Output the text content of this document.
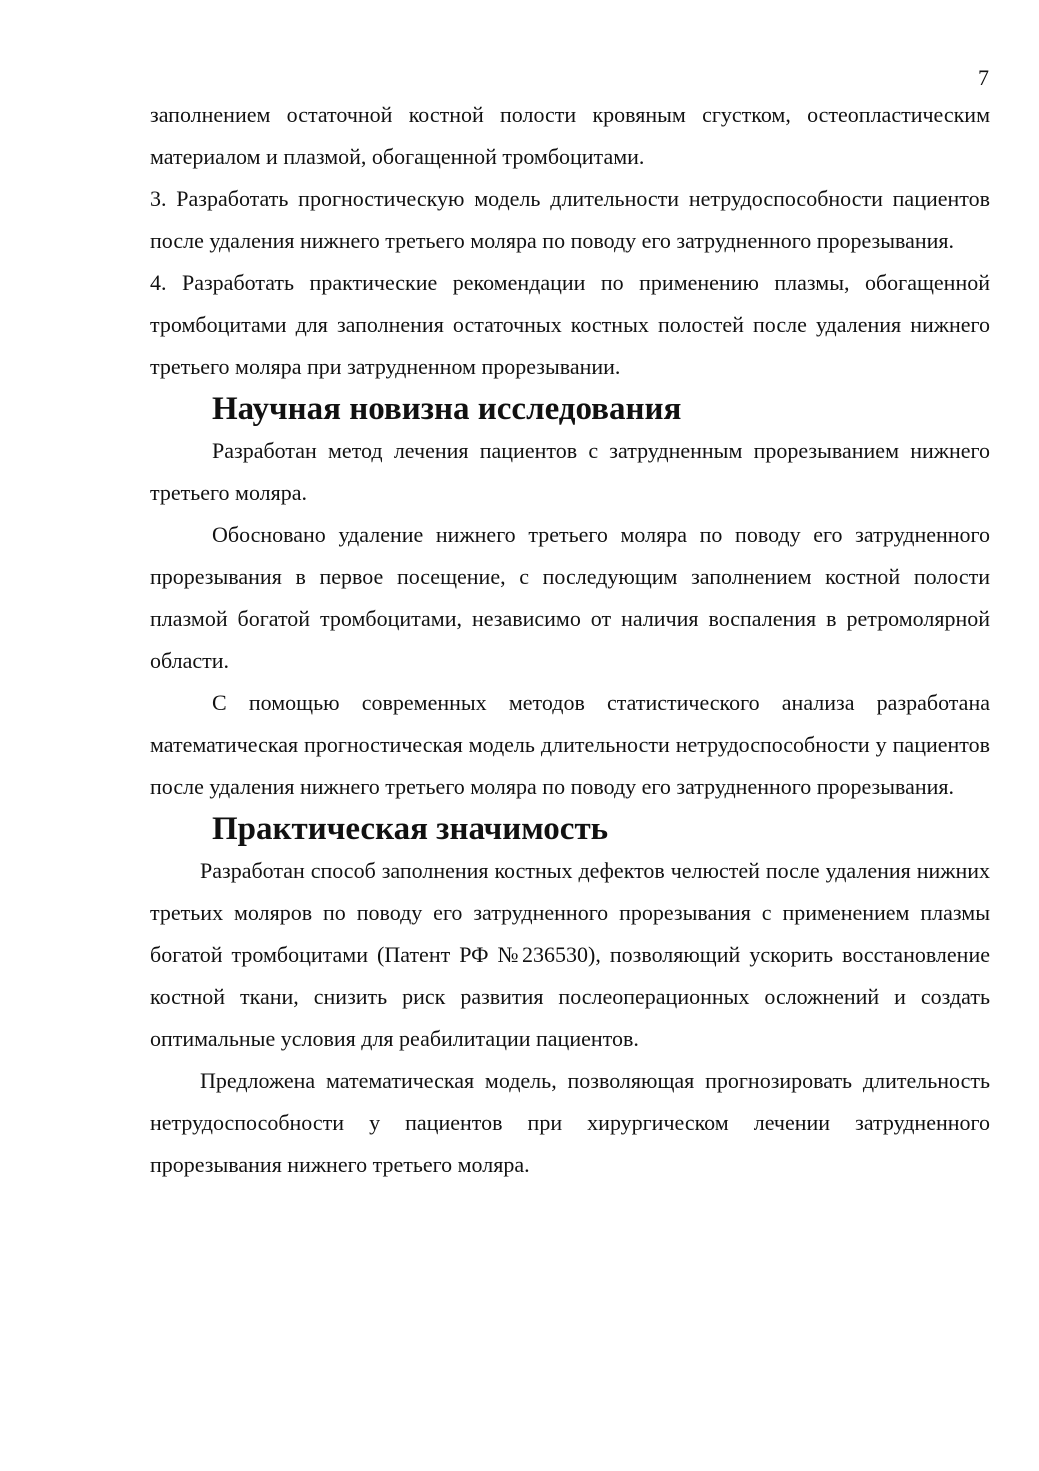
7

заполнением остаточной костной полости кровяным сгустком, остеопластическим материалом и плазмой, обогащенной тромбоцитами.

3. Разработать прогностическую модель длительности нетрудоспособности пациентов после удаления нижнего третьего моляра по поводу его затрудненного прорезывания.

4. Разработать практические рекомендации по применению плазмы, обогащенной тромбоцитами для заполнения остаточных костных полостей после удаления нижнего третьего моляра при затрудненном прорезывании.

Научная новизна исследования

Разработан метод лечения пациентов с затрудненным прорезыванием нижнего третьего моляра.

Обосновано удаление нижнего третьего моляра по поводу его затрудненного прорезывания в первое посещение, с последующим заполнением костной полости плазмой богатой тромбоцитами, независимо от наличия воспаления в ретромолярной области.

С помощью современных методов статистического анализа разработана математическая прогностическая модель длительности нетрудоспособности у пациентов после удаления нижнего третьего моляра по поводу его затрудненного прорезывания.

Практическая значимость

Разработан способ заполнения костных дефектов челюстей после удаления нижних третьих моляров по поводу его затрудненного прорезывания с применением плазмы богатой тромбоцитами (Патент РФ №236530), позволяющий ускорить восстановление костной ткани, снизить риск развития послеоперационных осложнений и создать оптимальные условия для реабилитации пациентов.

Предложена математическая модель, позволяющая прогнозировать длительность нетрудоспособности у пациентов при хирургическом лечении затрудненного прорезывания нижнего третьего моляра.
